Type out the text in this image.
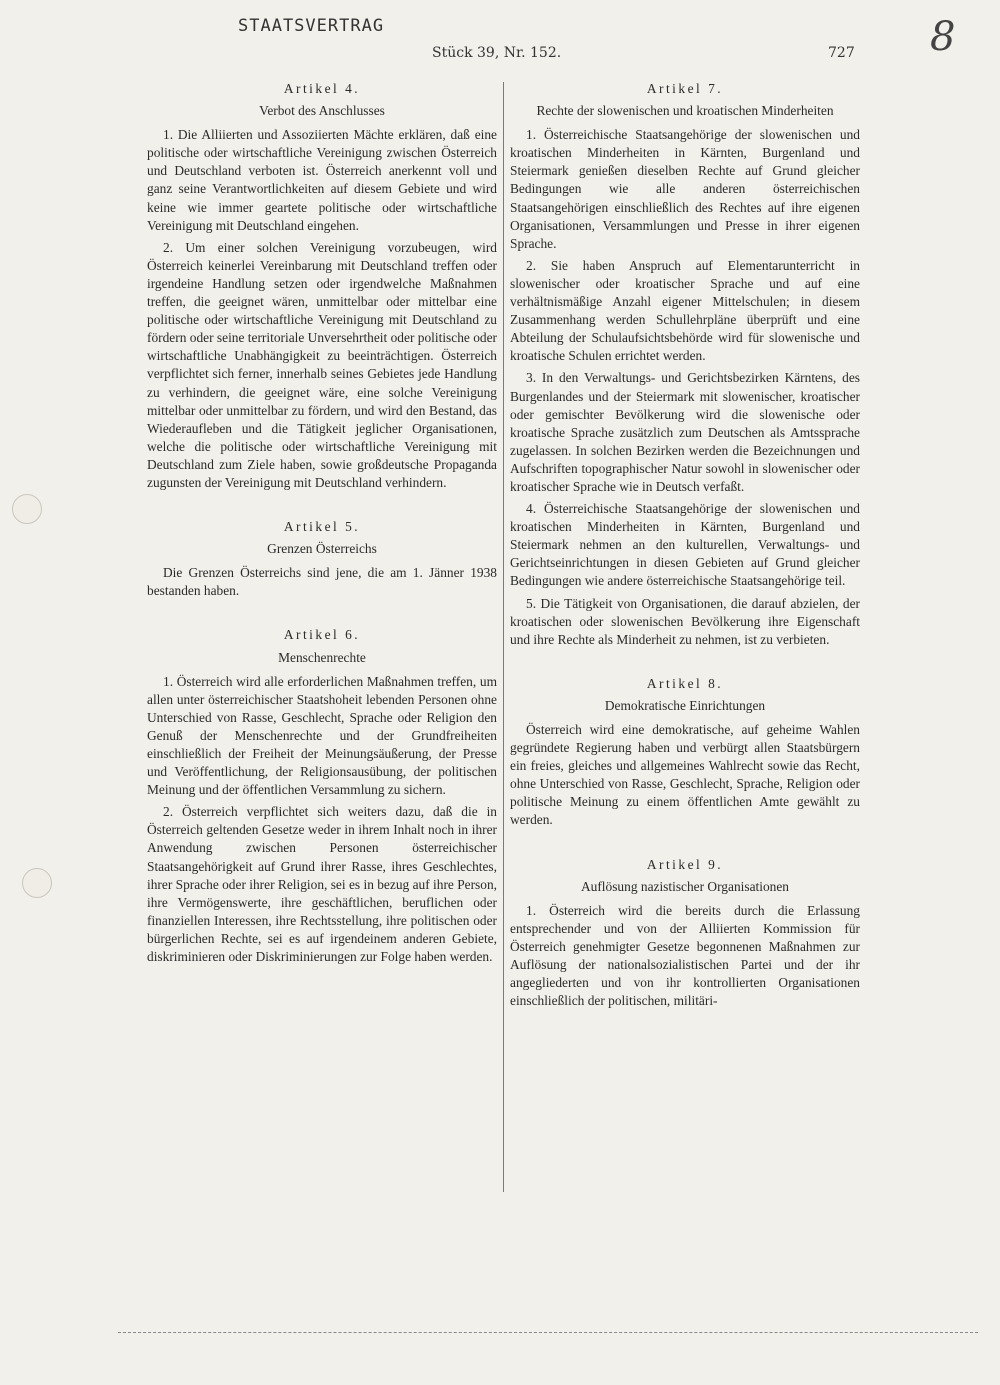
STAATSVERTRAG	8
Stück 39, Nr. 152.	727
Artikel 4.
Verbot des Anschlusses

1. Die Alliierten und Assoziierten Mächte erklären, daß eine politische oder wirtschaftliche Vereinigung zwischen Österreich und Deutschland verboten ist. Österreich anerkennt voll und ganz seine Verantwortlichkeiten auf diesem Gebiete und wird keine wie immer geartete politische oder wirtschaftliche Vereinigung mit Deutschland eingehen.

2. Um einer solchen Vereinigung vorzubeugen, wird Österreich keinerlei Vereinbarung mit Deutschland treffen oder irgendeine Handlung setzen oder irgendwelche Maßnahmen treffen, die geeignet wären, unmittelbar oder mittelbar eine politische oder wirtschaftliche Vereinigung mit Deutschland zu fördern oder seine territoriale Unversehrtheit oder politische oder wirtschaftliche Unabhängigkeit zu beeinträchtigen. Österreich verpflichtet sich ferner, innerhalb seines Gebietes jede Handlung zu verhindern, die geeignet wäre, eine solche Vereinigung mittelbar oder unmittelbar zu fördern, und wird den Bestand, das Wiederaufleben und die Tätigkeit jeglicher Organisationen, welche die politische oder wirtschaftliche Vereinigung mit Deutschland zum Ziele haben, sowie großdeutsche Propaganda zugunsten der Vereinigung mit Deutschland verhindern.

Artikel 5.
Grenzen Österreichs

Die Grenzen Österreichs sind jene, die am 1. Jänner 1938 bestanden haben.

Artikel 6.
Menschenrechte

1. Österreich wird alle erforderlichen Maßnahmen treffen, um allen unter österreichischer Staatshoheit lebenden Personen ohne Unterschied von Rasse, Geschlecht, Sprache oder Religion den Genuß der Menschenrechte und der Grundfreiheiten einschließlich der Freiheit der Meinungsäußerung, der Presse und Veröffentlichung, der Religionsausübung, der politischen Meinung und der öffentlichen Versammlung zu sichern.

2. Österreich verpflichtet sich weiters dazu, daß die in Österreich geltenden Gesetze weder in ihrem Inhalt noch in ihrer Anwendung zwischen Personen österreichischer Staatsangehörigkeit auf Grund ihrer Rasse, ihres Geschlechtes, ihrer Sprache oder ihrer Religion, sei es in bezug auf ihre Person, ihre Vermögenswerte, ihre geschäftlichen, beruflichen oder finanziellen Interessen, ihre Rechtsstellung, ihre politischen oder bürgerlichen Rechte, sei es auf irgendeinem anderen Gebiete, diskriminieren oder Diskriminierungen zur Folge haben werden.

Artikel 7.
Rechte der slowenischen und kroatischen Minderheiten

1. Österreichische Staatsangehörige der slowenischen und kroatischen Minderheiten in Kärnten, Burgenland und Steiermark genießen dieselben Rechte auf Grund gleicher Bedingungen wie alle anderen österreichischen Staatsangehörigen einschließlich des Rechtes auf ihre eigenen Organisationen, Versammlungen und Presse in ihrer eigenen Sprache.

2. Sie haben Anspruch auf Elementarunterricht in slowenischer oder kroatischer Sprache und auf eine verhältnismäßige Anzahl eigener Mittelschulen; in diesem Zusammenhang werden Schullehrpläne überprüft und eine Abteilung der Schulaufsichtsbehörde wird für slowenische und kroatische Schulen errichtet werden.

3. In den Verwaltungs- und Gerichtsbezirken Kärntens, des Burgenlandes und der Steiermark mit slowenischer, kroatischer oder gemischter Bevölkerung wird die slowenische oder kroatische Sprache zusätzlich zum Deutschen als Amtssprache zugelassen. In solchen Bezirken werden die Bezeichnungen und Aufschriften topographischer Natur sowohl in slowenischer oder kroatischer Sprache wie in Deutsch verfaßt.

4. Österreichische Staatsangehörige der slowenischen und kroatischen Minderheiten in Kärnten, Burgenland und Steiermark nehmen an den kulturellen, Verwaltungs- und Gerichtseinrichtungen in diesen Gebieten auf Grund gleicher Bedingungen wie andere österreichische Staatsangehörige teil.

5. Die Tätigkeit von Organisationen, die darauf abzielen, der kroatischen oder slowenischen Bevölkerung ihre Eigenschaft und ihre Rechte als Minderheit zu nehmen, ist zu verbieten.

Artikel 8.
Demokratische Einrichtungen

Österreich wird eine demokratische, auf geheime Wahlen gegründete Regierung haben und verbürgt allen Staatsbürgern ein freies, gleiches und allgemeines Wahlrecht sowie das Recht, ohne Unterschied von Rasse, Geschlecht, Sprache, Religion oder politische Meinung zu einem öffentlichen Amte gewählt zu werden.

Artikel 9.
Auflösung nazistischer Organisationen

1. Österreich wird die bereits durch die Erlassung entsprechender und von der Alliierten Kommission für Österreich genehmigter Gesetze begonnenen Maßnahmen zur Auflösung der nationalsozialistischen Partei und der ihr angegliederten und von ihr kontrollierten Organisationen einschließlich der politischen, militäri-
